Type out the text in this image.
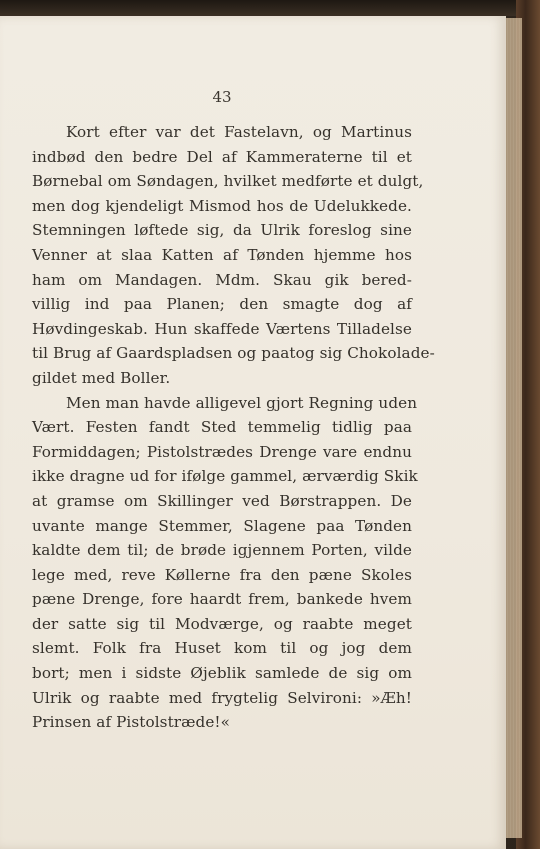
43
Kort efter var det Fastelavn, og Martinus
indbød den bedre Del af Kammeraterne til et
Børnebal om Søndagen, hvilket medførte et dulgt,
men dog kjendeligt Mismod hos de Udelukkede.
Stemningen løftede sig, da Ulrik foreslog sine
Venner at slaa Katten af Tønden hjemme hos
ham om Mandagen. Mdm. Skau gik bered-
villig ind paa Planen; den smagte dog af
Høvdingeskab. Hun skaffede Værtens Tilladelse
til Brug af Gaardspladsen og paatog sig Chokolade-
gildet med Boller.
Men man havde alligevel gjort Regning uden
Vært. Festen fandt Sted temmelig tidlig paa
Formiddagen; Pistolstrædes Drenge vare endnu
ikke dragne ud for ifølge gammel, ærværdig Skik
at gramse om Skillinger ved Børstrappen. De
uvante mange Stemmer, Slagene paa Tønden
kaldte dem til; de brøde igjennem Porten, vilde
lege med, reve Køllerne fra den pæne Skoles
pæne Drenge, fore haardt frem, bankede hvem
der satte sig til Modværge, og raabte meget
slemt. Folk fra Huset kom til og jog dem
bort; men i sidste Øjeblik samlede de sig om
Ulrik og raabte med frygtelig Selvironi: »Æh!
Prinsen af Pistolstræde!«
